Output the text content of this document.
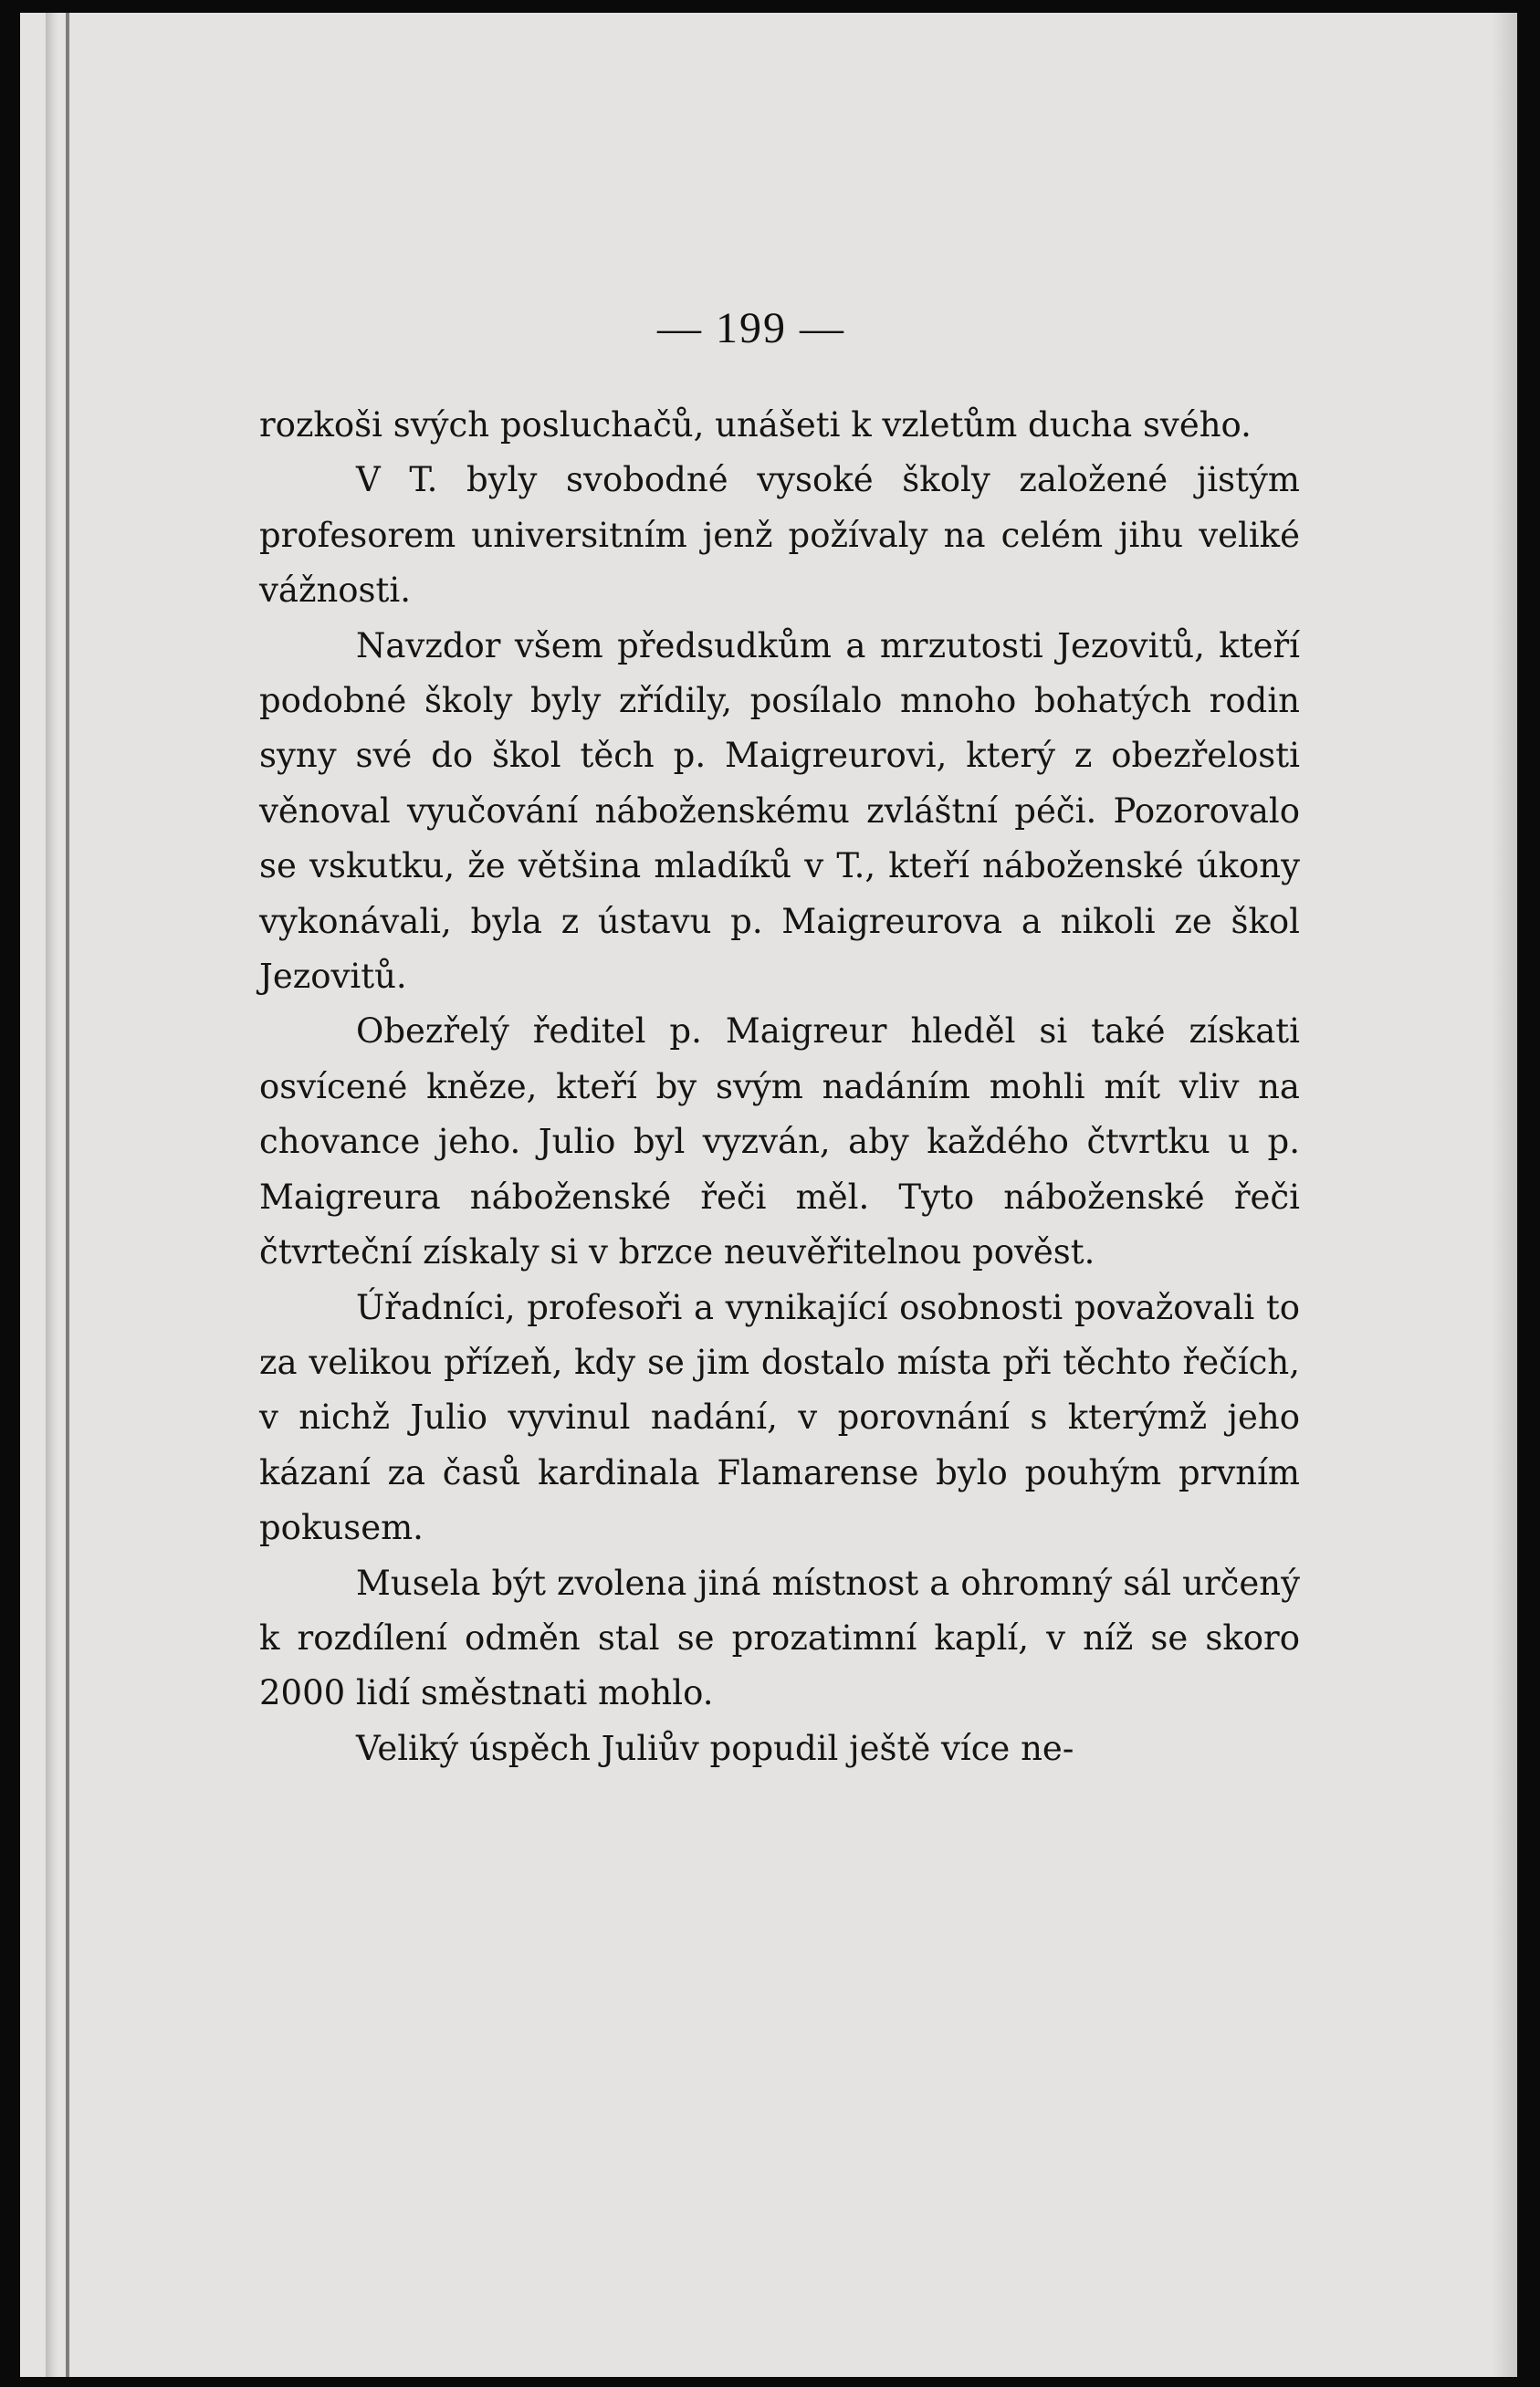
— 199 —

rozkoši svých posluchačů, unášeti k vzletům ducha svého.

V T. byly svobodné vysoké školy založené jistým profesorem universitním jenž požívaly na celém jihu veliké vážnosti.

Navzdor všem předsudkům a mrzutosti Jezovitů, kteří podobné školy byly zřídily, posílalo mnoho bohatých rodin syny své do škol těch p. Maigreurovi, který z obezřelosti věnoval vyučování náboženskému zvláštní péči. Pozorovalo se vskutku, že většina mladíků v T., kteří náboženské úkony vykonávali, byla z ústavu p. Maigreurova a nikoli ze škol Jezovitů.

Obezřelý ředitel p. Maigreur hleděl si také získati osvícené kněze, kteří by svým nadáním mohli mít vliv na chovance jeho. Julio byl vyzván, aby každého čtvrtku u p. Maigreura náboženské řeči měl. Tyto náboženské řeči čtvrteční získaly si v brzce neuvěřitelnou pověst.

Úřadníci, profesoři a vynikající osobnosti považovali to za velikou přízeň, kdy se jim dostalo místa při těchto řečích, v nichž Julio vyvinul nadání, v porovnání s kterýmž jeho kázaní za časů kardinala Flamarense bylo pouhým prvním pokusem.

Musela být zvolena jiná místnost a ohromný sál určený k rozdílení odměn stal se prozatimní kaplí, v níž se skoro 2000 lidí směstnati mohlo.

Veliký úspěch Juliův popudil ještě více ne-
